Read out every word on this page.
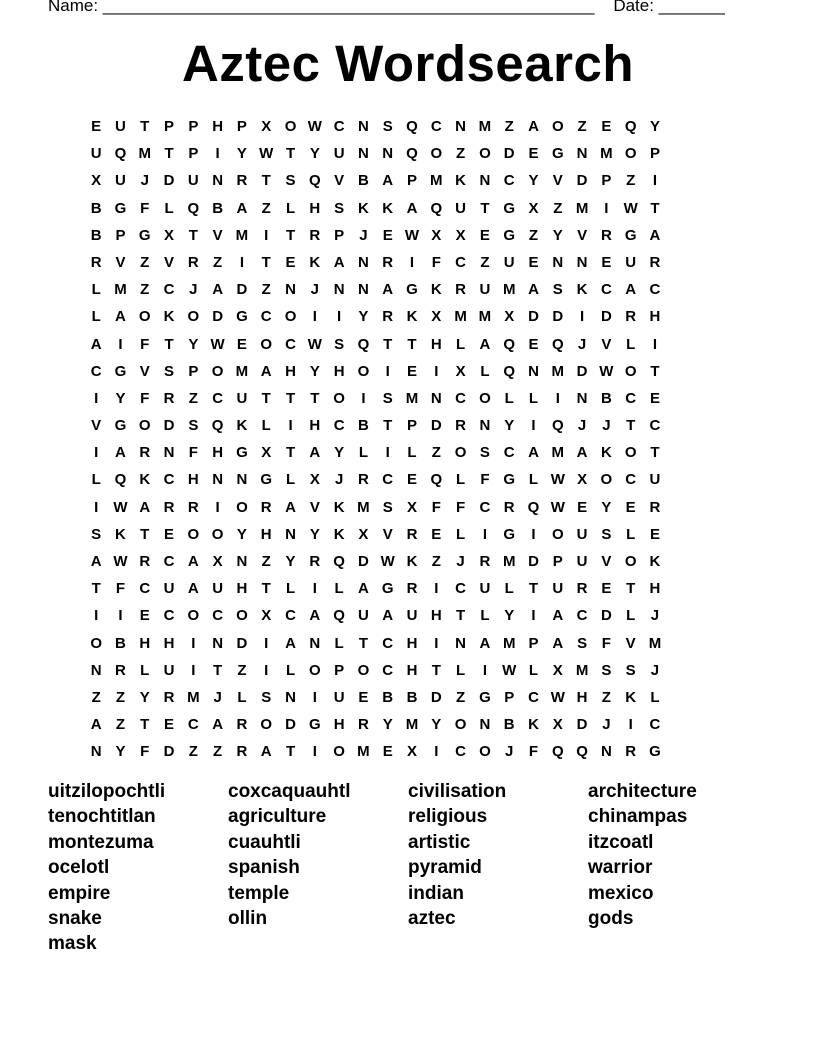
Name: ____________________________________________________    Date: _______
Aztec Wordsearch
E U T P P H P X O W C N S Q C N M Z A O Z E Q Y
U Q M T P	I	Y W T Y U N N Q O Z O D E G N M O P
X U J D U N R T S Q V B A P M K N C Y V D P Z	I
B G F	L Q B A Z	L H S K K A Q U T G X Z M	I	W T
B P G X T V M	I	T R P	J	E W X X E G Z Y V R G A
R V Z V R Z	I	T E K A N R	I	F C Z U E N N E U R
L M Z C J A D Z N J N N A G K R U M A S K C A C
L A O K O D G C O	I	I	Y R K X M M X D D	I	D R H
A	I	F	T Y W E O C W S Q T	T H L A Q E Q J	V L	I
C G V S P O M A H Y H O	I	E	I	X L Q N M D W O T
I	Y F R Z C U T	T	T O	I	S M N C O L	L	I	N B C E
V G O D S Q K L	I	H C B T P D R N Y	I	Q J	J	T C
I	A R N F H G X T A Y L	I	L	Z O S C A M A K O T
L Q K C H N N G L X	J R C E Q L	F G L W X O C U
I	W A R R	I	O R A V K M S X F	F C R Q W E Y E R
S K T E O O Y H N Y K X V R E L	I	G	I	O U S L E
A W R C A X N Z Y R Q D W K Z	J R M D P U V O K
T	F C U A U H T	L	I	L A G R	I	C U L	T U R E T H
I	I	E C O C O X C A Q U A U H T	L Y	I	A C D L	J
O B H H	I	N D	I	A N L	T C H	I	N A M P A S F V M
N R L U	I	T	Z	I	L O P O C H T	L	I	W L X M S S	J
Z	Z Y R M J	L S N	I	U E B B D Z G P C W H Z K L
A Z	T E C A R O D G H R Y M Y O N B K X D J	I	C
N Y F D Z	Z R A T	I	O M E X	I	C O J	F Q Q N R G
uitzilopochtli	coxcaquauhtl	civilisation	architecture
tenochtitlan	agriculture	religious	chinampas
montezuma	cuauhtli	artistic	itzcoatl
ocelotl	spanish	pyramid	warrior
empire	temple	indian	mexico
snake	ollin	aztec	gods
mask
